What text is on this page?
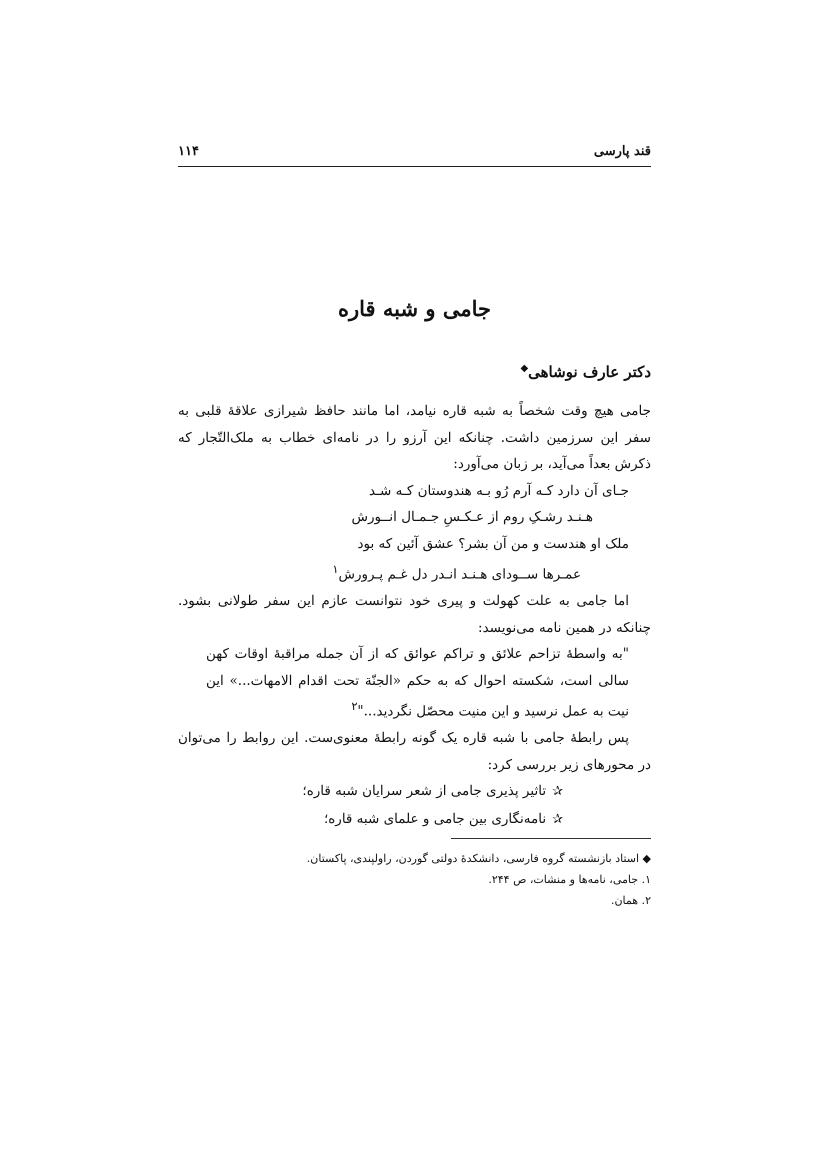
قند پارسی
۱۱۴
جامی و شبه قاره
دکتر عارف نوشاهی◆

جامی هیچ وقت شخصاً به شبه قاره نیامد، اما مانند حافظ شیرازی علاقهٔ قلبی به سفر این سرزمین داشت. چنانکه این آرزو را در نامه‌ای خطاب به ملک‌التّجار که ذکرش بعداً می‌آید، بر زبان می‌آورد:

جـای آن دارد کـه آرم رُو بـه هندوستان کـه شـد

هـنـد رشـکِ روم از عـکـسِ جـمـال انــورش

ملک او هندست و من آن بشر؟ عشق آئین که بود

عمـرها ســودای هـنـد انـدر دل غـم پـرورش$^۱$

اما جامی به علت کهولت و پیری خود نتوانست عازم این سفر طولانی بشود. چنانکه در همین نامه می‌نویسد:

"به واسطهٔ تزاحم علائق و تراکم عوائق که از آن جمله مراقبهٔ اوقات کهن سالی است، شکسته احوال که به حکم «الجنّة تحت اقدام الامهات...» این نیت به عمل نرسید و این منیت محصّل نگردید..."$^۲$

پس رابطهٔ جامی با شبه قاره یک گونه رابطهٔ معنوی‌ست. این روابط را می‌توان در محورهای زیر بررسی کرد:

✰تاثیر پذیری جامی از شعر سرایان شبه قاره؛

✰نامه‌نگاری بین جامی و علمای شبه قاره؛

◆ استاد بازنشسته گروه فارسی، دانشکدهٔ دولتی گوردن، راولپندی، پاکستان.

۱. جامی، نامه‌ها و منشات، ص ۲۴۴.

۲. همان.
